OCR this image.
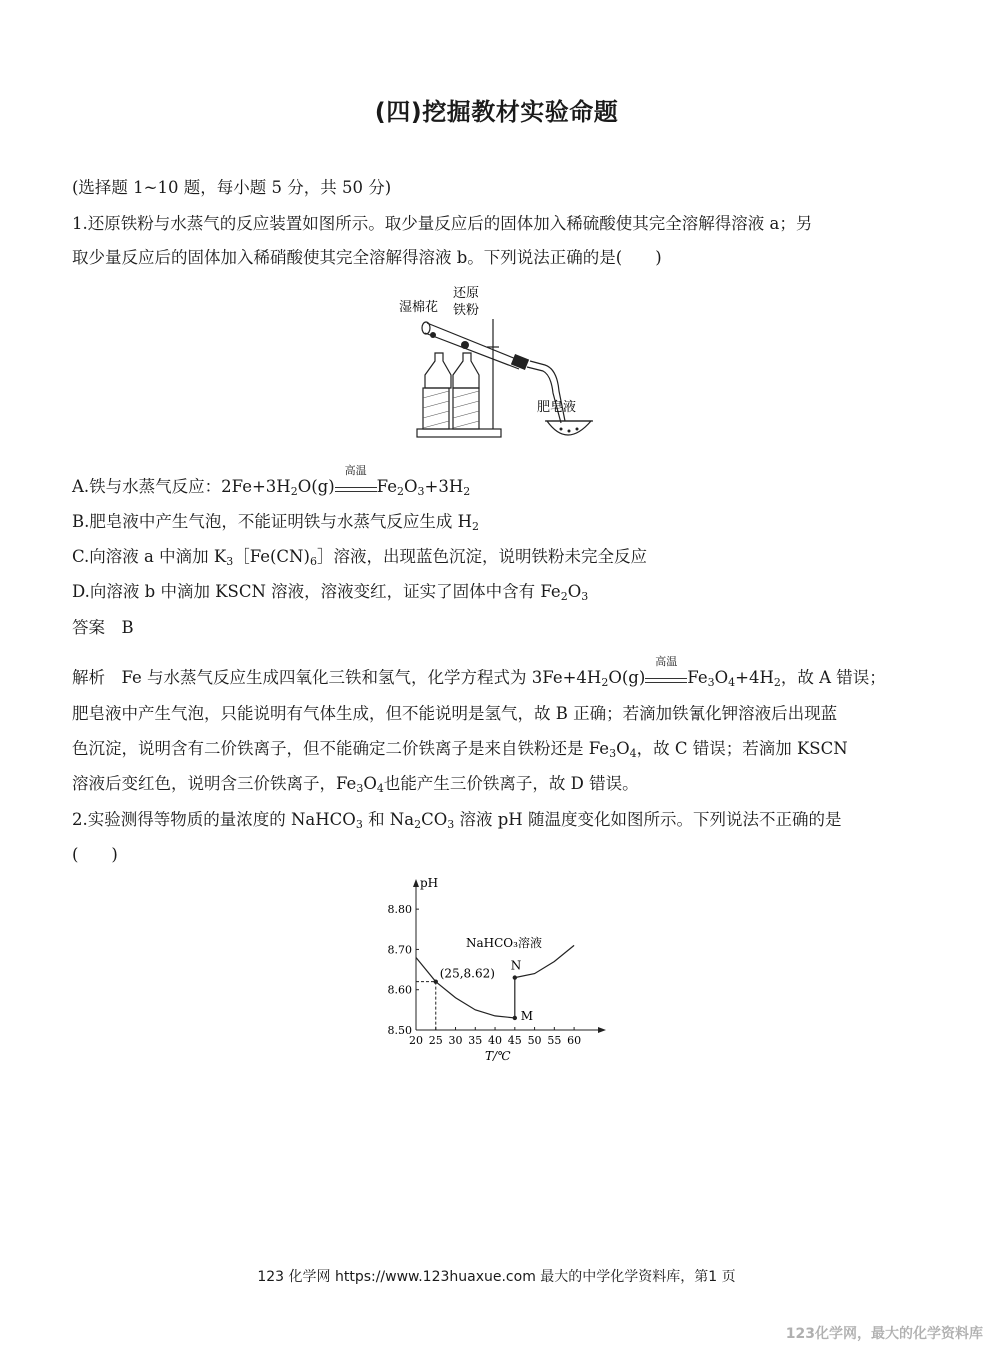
(四)挖掘教材实验命题
(选择题 1~10 题，每小题 5 分，共 50 分)
1.还原铁粉与水蒸气的反应装置如图所示。取少量反应后的固体加入稀硫酸使其完全溶解得溶液 a；另
取少量反应后的固体加入稀硝酸使其完全溶解得溶液 b。下列说法正确的是(　　)
湿棉花
还原
铁粉
肥皂液
A.铁与水蒸气反应：$2Fe+3H_2O(g)$
高温
$Fe_2O_3+3H_2$
B.肥皂液中产生气泡，不能证明铁与水蒸气反应生成 $H_2$
C.向溶液 a 中滴加 $K_3[Fe(CN)_6]$溶液，出现蓝色沉淀，说明铁粉未完全反应
D.向溶液 b 中滴加 KSCN 溶液，溶液变红，证实了固体中含有 $Fe_2O_3$
答案　B
解析　Fe 与水蒸气反应生成四氧化三铁和氢气，化学方程式为 $3Fe+4H_2O(g)$
高温
$Fe_3O_4+4H_2$，故 A 错误；
肥皂液中产生气泡，只能说明有气体生成，但不能说明是氢气，故 B 正确；若滴加铁氰化钾溶液后出现蓝
色沉淀，说明含有二价铁离子，但不能确定二价铁离子是来自铁粉还是 $Fe_3O_4$，故 C 错误；若滴加 KSCN
溶液后变红色，说明含三价铁离子，$Fe_3O_4$也能产生三价铁离子，故 D 错误。
2.实验测得等物质的量浓度的 NaHCO$_3$ 和 $Na_2CO_3$ 溶液 pH 随温度变化如图所示。下列说法不正确的是
(　　)
pH
T/℃
20 25 30 35 40 45 50 55 60
8.50
8.60
8.70
8.80
(25,8.62)
N
M
NaHCO₃溶液
123 化学网 https://www.123huaxue.com 最大的中学化学资料库，第1 页
123化学网，最大的化学资料库
